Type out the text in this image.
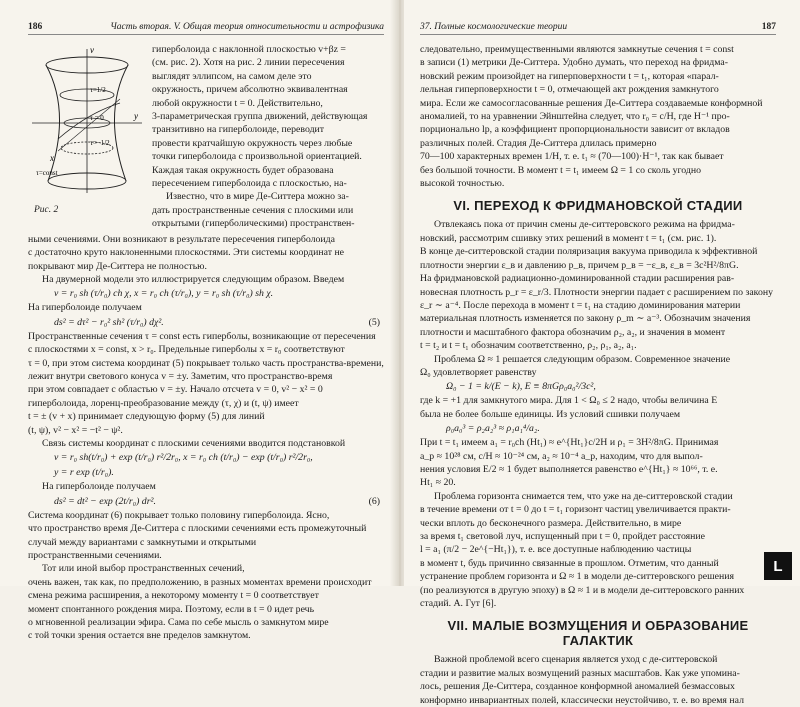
186	Часть вторая. V. Общая теория относительности и астрофизика
v
y
x
τ=1/2
τ = 0
τ=−1/2
τ=const
Рис. 2
гиперболоида с наклонной плоскостью v+βz =
(см. рис. 2). Хотя на рис. 2 линии пересечения
выглядят эллипсом, на самом деле это
окружность, причем абсолютно эквивалентная
любой окружности t = 0. Действительно,
3-параметрическая группа движений, действующая
транзитивно на гиперболоиде, переводит
провести кратчайшую окружность через любые
точки гиперболоида с произвольной ориентацией.
Каждая такая окружность будет образована
пересечением гиперболоида с плоскостью, на-
Известно, что в мире Де-Ситтера можно за-
дать пространственные сечения с плоскими или
открытыми (гиперболическими) пространствен-
ными сечениями. Они возникают в результате пересечения гиперболоида
с достаточно круто наклоненными плоскостями. Эти системы координат не
покрывают мир Де-Ситтера не полностью.
На двумерной модели это иллюстрируется следующим образом. Введем
v = r₀ sh (τ/r₀) ch χ, x = r₀ ch (τ/r₀), y = r₀ sh (τ/r₀) sh χ.
На гиперболоиде получаем
ds² = dτ² − r₀² sh² (τ/r₀) dχ².	(5)
Пространственные сечения τ = const есть гиперболы, возникающие от пересечения
с плоскостями x = const, x > r₀. Предельные гиперболы x = r₀ соответствуют
τ = 0, при этом система координат (5) покрывает только часть пространства-времени,
лежит внутри светового конуса v = ±y. Заметим, что пространство-время
при этом совпадает с областью v = ±y. Начало отсчета v = 0, v² − x² = 0
гиперболоида, лоренц-преобразование между (τ, χ) и (t, ψ) имеет
t = ± (v + x) принимает следующую форму (5) для линий
(t, ψ), v² − x² = −t² − ψ².
Связь системы координат с плоскими сечениями вводится подстановкой
v = r₀ sh(t/r₀) + exp (t/r₀) r²/2r₀, x = r₀ ch (t/r₀) − exp (t/r₀) r²/2r₀,
y = r exp (t/r₀).
На гиперболоиде получаем
ds² = dt² − exp (2t/r₀) dr².	(6)
Система координат (6) покрывает только половину гиперболоида. Ясно,
что пространство время Де-Ситтера с плоскими сечениями есть промежуточный
случай между вариантами с замкнутыми и открытыми
пространственными сечениями.
Тот или иной выбор пространственных сечений,
очень важен, так как, по предположению, в разных моментах времени происходит
смена режима расширения, а некоторому моменту t = 0 соответствует
момент спонтанного рождения мира. Поэтому, если в t = 0 идет речь
о мгновенной реализации эфира. Сама по себе мысль о замкнутом мире
с той точки зрения остается вне пределов замкнутом.
37. Полные космологические теории	187
следовательно, преимущественными являются замкнутые сечения t = const
в записи (1) метрики Де-Ситтера. Удобно думать, что переход на фридма-
новский режим произойдет на гиперповерхности t = t₁, которая «парал-
лельная гиперповерхности t = 0, отмечающей акт рождения замкнутого
мира. Если же самосогласованные решения Де-Ситтера создаваемые конформной
аномалией, то на уравнении Эйнштейна следует, что r₀ = c/H, где H⁻¹ про-
порционально lp, а коэффициент пропорциональности зависит от вкладов
различных полей. Стадия Де-Ситтера длилась примерно
70—100 характерных времен 1/H, т. е. t₁ ≈ (70—100)·H⁻¹, так как бывает
без большой точности. В момент t = t₁ имеем Ω = 1 со сколь угодно
высокой точностью.
VI. ПЕРЕХОД К ФРИДМАНОВСКОЙ СТАДИИ
Отвлекаясь пока от причин смены де-ситтеровского режима на фридма-
новский, рассмотрим сшивку этих решений в момент t = t₁ (см. рис. 1).
В конце де-ситтеровской стадии поляризация вакуума приводила к эффективной
плотности энергии ε_в и давлению p_в, причем p_в = −ε_в, ε_в = 3c²H²/8πG.
На фридмановской радиационно-доминированной стадии расширения рав-
новесная плотность p_r = ε_r/3. Плотности энергии падает с расширением по закону
ε_r ∼ a⁻⁴. После перехода в момент t = t₁ на стадию доминирования материи
материальная плотность изменяется по закону ρ_m ∼ a⁻³. Обозначим значения
плотности и масштабного фактора обозначим ρ₂, a₂, и значения в момент
t = t₂ и t = t₁ обозначим соответственно, ρ₂, ρ₁, a₂, a₁.
Проблема Ω ≈ 1 решается следующим образом. Современное значение
Ω₀ удовлетворяет равенству
Ω₀ − 1 = k/(E − k), E ≡ 8πGρ₀a₀²/3c²,
где k = +1 для замкнутого мира. Для 1 < Ω₀ ≤ 2 надо, чтобы величина E
была не более больше единицы. Из условий сшивки получаем
ρ₀a₀³ = ρ₂a₂³ ≈ ρ₁a₁⁴/a₂.
При t = t₁ имеем a₁ = r₀ch (Ht₁) ≈ e^{Ht₁}c/2H и ρ₁ = 3H²/8πG. Принимая
a_p ≈ 10²⁸ см, c/H ≈ 10⁻²⁴ см, a₂ ≈ 10⁻⁴ a_p, находим, что для выпол-
нения условия E/2 ≈ 1 будет выполняется равенство e^{Ht₁} ≈ 10⁶⁶, т. е.
Ht₁ ≈ 20.
Проблема горизонта снимается тем, что уже на де-ситтеровской стадии
в течение времени от t = 0 до t = t₁ горизонт частиц увеличивается практи-
чески вплоть до бесконечного размера. Действительно, в мире
за время t₁ световой луч, испущенный при t = 0, пройдет расстояние
l = a₁ (π/2 − 2e^{−Ht₁}), т. е. все доступные наблюдению частицы
в момент t, будь причинно связанные в прошлом. Отметим, что данный
устранение проблем горизонта и Ω ≈ 1 в модели де-ситтеровского решения
(по реализуются в другую эпоху) в Ω ≈ 1 и в модели де-ситтеровского ранних
стадий. А. Гут [6].
VII. МАЛЫЕ ВОЗМУЩЕНИЯ И ОБРАЗОВАНИЕ ГАЛАКТИК
Важной проблемой всего сценария является уход с де-ситтеровской
стадии и развитие малых возмущений разных масштабов. Как уже упомина-
лось, решения Де-Ситтера, созданное конформной аномалией безмассовых
конформно инвариантных полей, классически неустойчиво, т. е. во время нал
L
